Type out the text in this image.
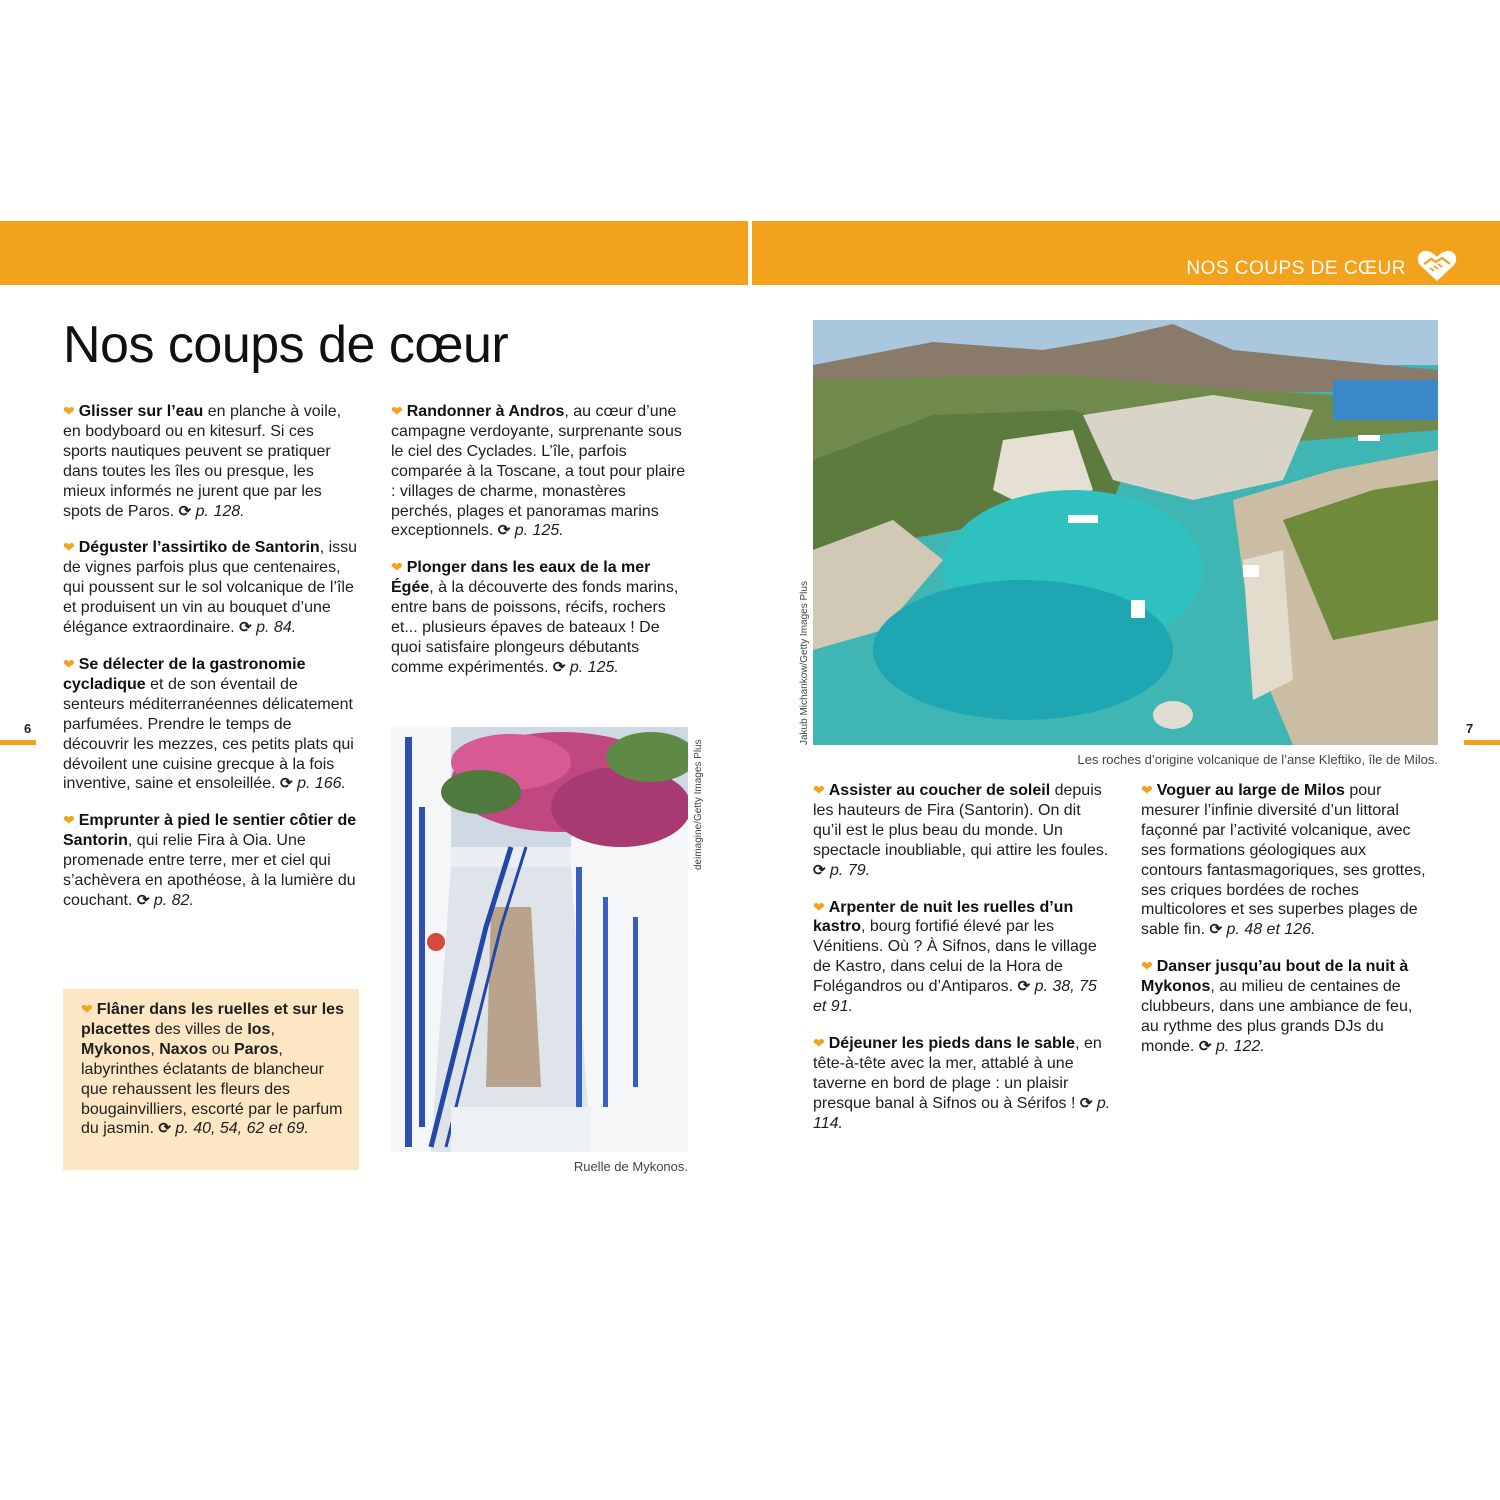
NOS COUPS DE CŒUR
Nos coups de cœur

❤ Glisser sur l’eau en planche à voile, en bodyboard ou en kitesurf. Si ces sports nautiques peuvent se pratiquer dans toutes les îles ou presque, les mieux informés ne jurent que par les spots de Paros. ⟳ p. 128.

❤ Déguster l’assirtiko de Santorin, issu de vignes parfois plus que centenaires, qui poussent sur le sol volcanique de l’île et produisent un vin au bouquet d’une élégance extraordinaire. ⟳ p. 84.

❤ Se délecter de la gastronomie cycladique et de son éventail de senteurs méditerranéennes délicatement parfumées. Prendre le temps de découvrir les mezzes, ces petits plats qui dévoilent une cuisine grecque à la fois inventive, saine et ensoleillée. ⟳ p. 166.

❤ Emprunter à pied le sentier côtier de Santorin, qui relie Fira à Oia. Une promenade entre terre, mer et ciel qui s’achèvera en apothéose, à la lumière du couchant. ⟳ p. 82.

❤ Flâner dans les ruelles et sur les placettes des villes de Ios, Mykonos, Naxos ou Paros, labyrinthes éclatants de blancheur que rehaussent les fleurs des bougainvilliers, escorté par le parfum du jasmin. ⟳ p. 40, 54, 62 et 69.

❤ Randonner à Andros, au cœur d’une campagne verdoyante, surprenante sous le ciel des Cyclades. L’île, parfois comparée à la Toscane, a tout pour plaire : villages de charme, monastères perchés, plages et panoramas marins exceptionnels. ⟳ p. 125.

❤ Plonger dans les eaux de la mer Égée, à la découverte des fonds marins, entre bans de poissons, récifs, rochers et... plusieurs épaves de bateaux ! De quoi satisfaire plongeurs débutants comme expérimentés. ⟳ p. 125.

Ruelle de Mykonos.
deimagine/Getty Images Plus	Les roches d’origine volcanique de l’anse Kleftiko, île de Milos.
Jakub Michankow/Getty Images Plus

❤ Assister au coucher de soleil depuis les hauteurs de Fira (Santorin). On dit qu’il est le plus beau du monde. Un spectacle inoubliable, qui attire les foules. ⟳ p. 79.

❤ Arpenter de nuit les ruelles d’un kastro, bourg fortifié élevé par les Vénitiens. Où ? À Sifnos, dans le village de Kastro, dans celui de la Hora de Folégandros ou d’Antiparos. ⟳ p. 38, 75 et 91.

❤ Déjeuner les pieds dans le sable, en tête-à-tête avec la mer, attablé à une taverne en bord de plage : un plaisir presque banal à Sifnos ou à Sérifos ! ⟳ p. 114.

❤ Voguer au large de Milos pour mesurer l’infinie diversité d’un littoral façonné par l’activité volcanique, avec ses formations géologiques aux contours fantasmagoriques, ses grottes, ses criques bordées de roches multicolores et ses superbes plages de sable fin. ⟳ p. 48 et 126.

❤ Danser jusqu’au bout de la nuit à Mykonos, au milieu de centaines de clubbeurs, dans une ambiance de feu, au rythme des plus grands DJs du monde. ⟳ p. 122.

6	7
